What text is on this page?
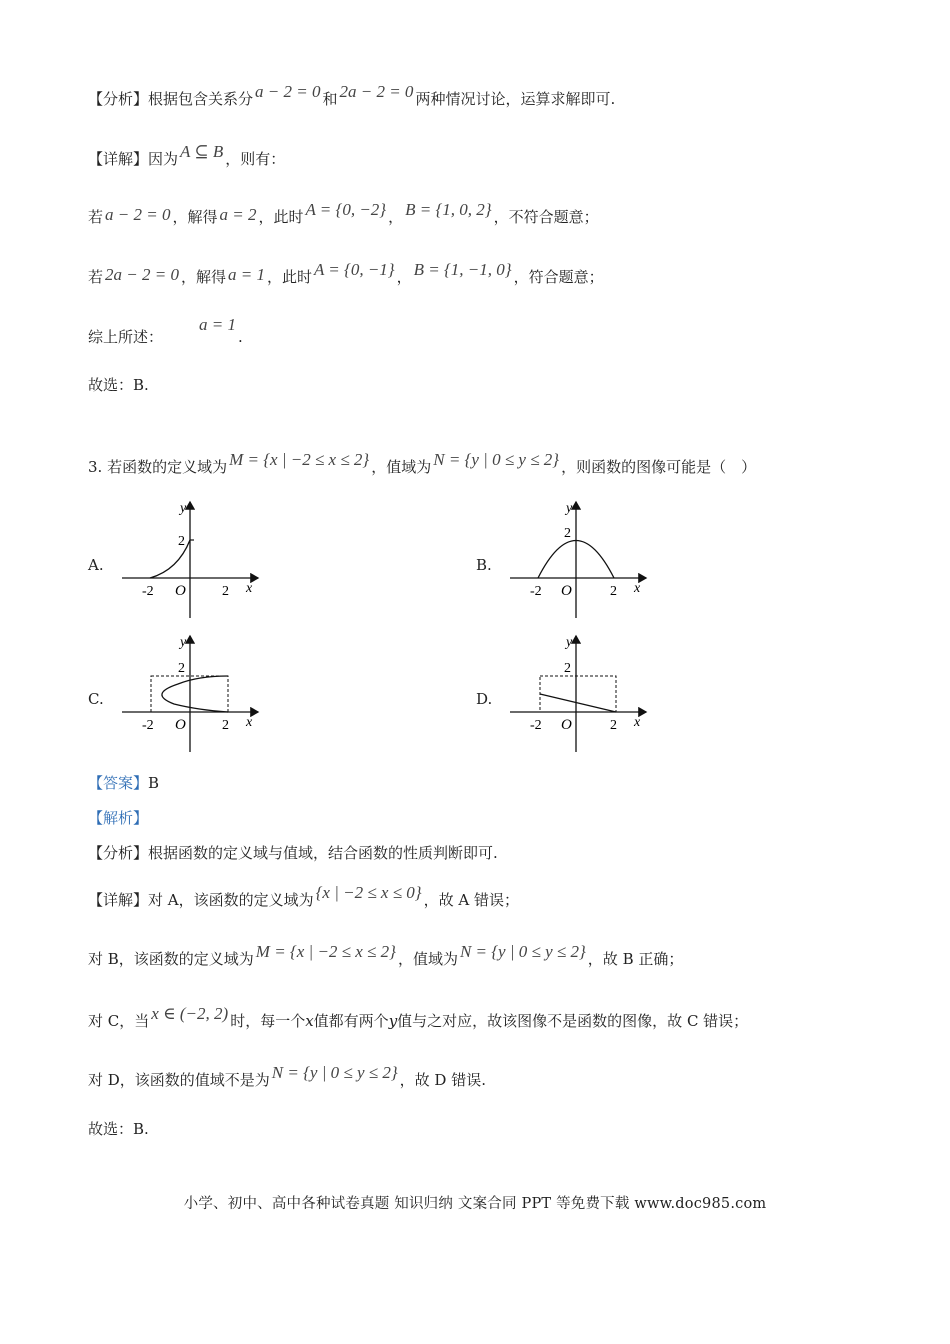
【分析】根据包含关系分 a − 2 = 0 和 2a − 2 = 0 两种情况讨论，运算求解即可.
【详解】因为 A ⊆ B ，则有：
若 a − 2 = 0 ，解得 a = 2 ，此时 A = {0, −2} ， B = {1, 0, 2} ，不符合题意；
若 2a − 2 = 0 ，解得 a = 1 ，此时 A = {0, −1} ， B = {1, −1, 0} ，符合题意；
综上所述：a = 1.
故选：B.
3. 若函数的定义域为 M = {x | −2 ≤ x ≤ 2} ，值域为 N = {y | 0 ≤ y ≤ 2} ，则函数的图像可能是（　）
A.	B.
C.	D.
y
2
-2 O	2 x
y
2
-2 O	2 x
y
2
-2 O	2 x
y
2
-2 O	2 x
【答案】B
【解析】
【分析】根据函数的定义域与值域，结合函数的性质判断即可.
【详解】对 A，该函数的定义域为 {x | −2 ≤ x ≤ 0} ，故 A 错误；
对 B，该函数的定义域为 M = {x | −2 ≤ x ≤ 2} ，值域为 N = {y | 0 ≤ y ≤ 2} ，故 B 正确；
对 C，当 x ∈ (−2, 2) 时，每一个x值都有两个y值与之对应，故该图像不是函数的图像，故 C 错误；
对 D，该函数的值域不是为 N = {y | 0 ≤ y ≤ 2} ，故 D 错误.
故选：B.
小学、初中、高中各种试卷真题 知识归纳 文案合同 PPT 等免费下载 www.doc985.com
